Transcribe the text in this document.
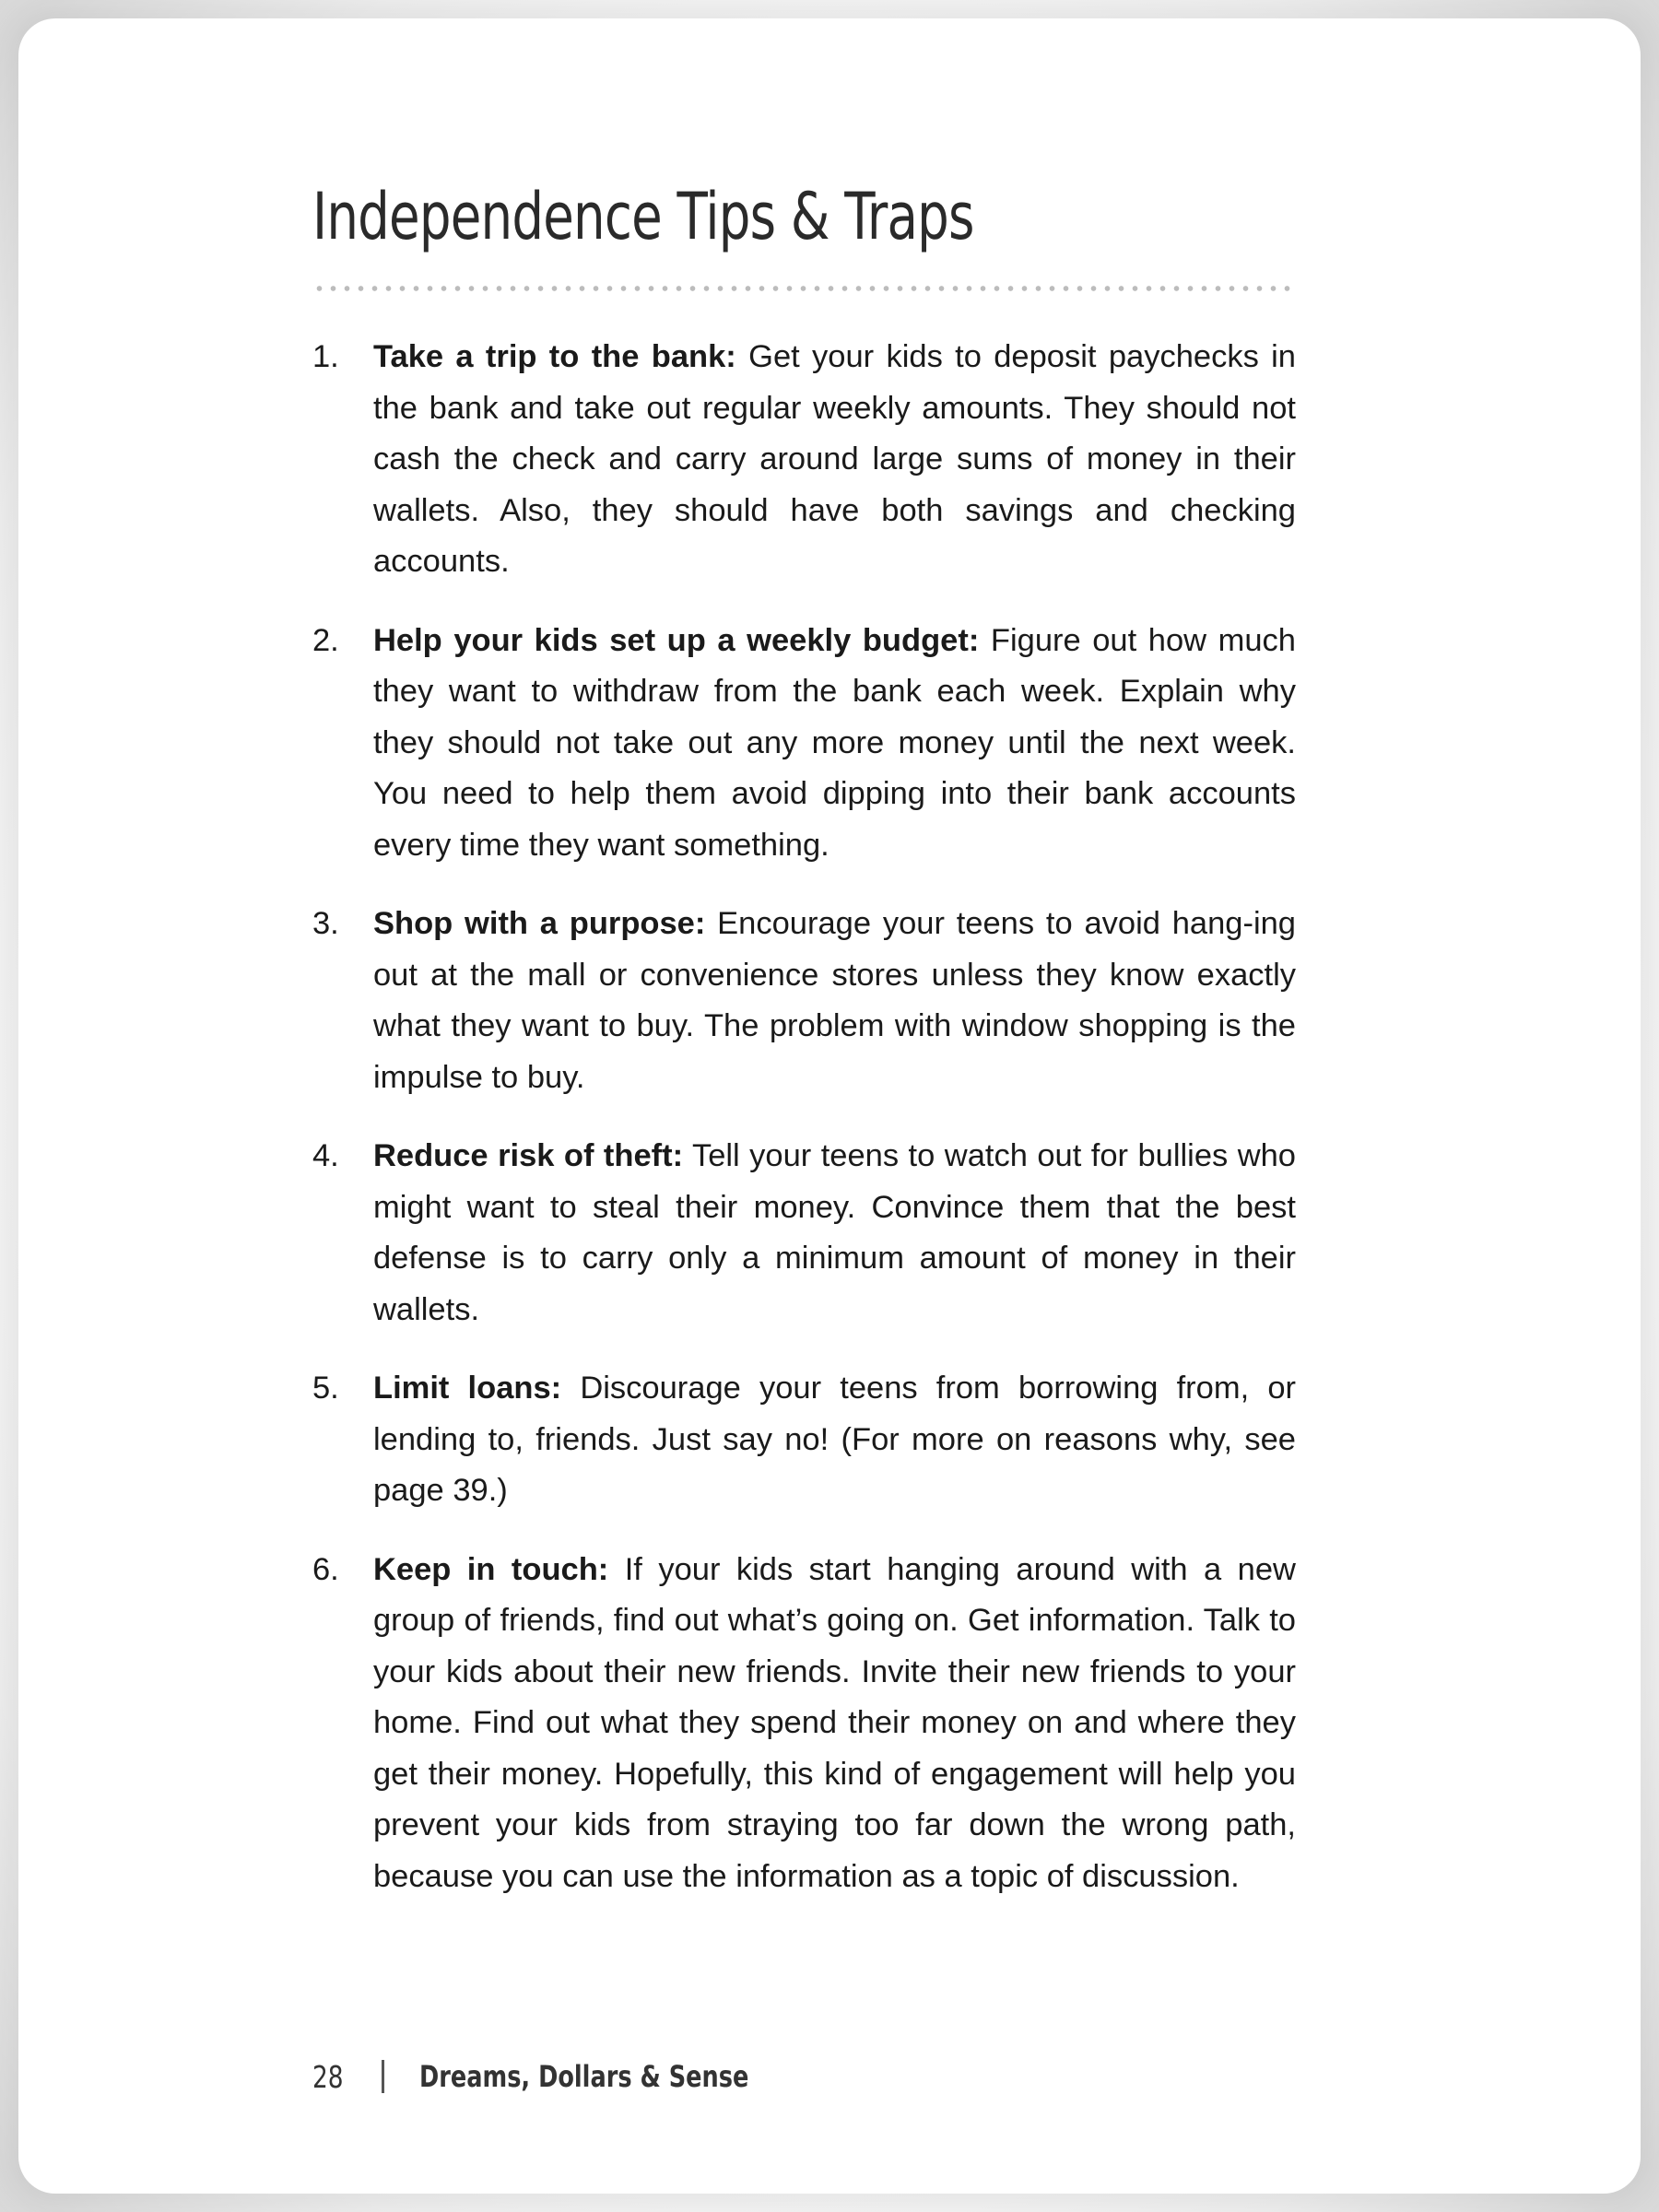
Independence Tips & Traps
1. Take a trip to the bank: Get your kids to deposit paychecks in the bank and take out regular weekly amounts. They should not cash the check and carry around large sums of money in their wallets. Also, they should have both savings and checking accounts.
2. Help your kids set up a weekly budget: Figure out how much they want to withdraw from the bank each week. Explain why they should not take out any more money until the next week. You need to help them avoid dipping into their bank accounts every time they want something.
3. Shop with a purpose: Encourage your teens to avoid hang-ing out at the mall or convenience stores unless they know exactly what they want to buy. The problem with window shopping is the impulse to buy.
4. Reduce risk of theft: Tell your teens to watch out for bullies who might want to steal their money. Convince them that the best defense is to carry only a minimum amount of money in their wallets.
5. Limit loans: Discourage your teens from borrowing from, or lending to, friends. Just say no! (For more on reasons why, see page 39.)
6. Keep in touch: If your kids start hanging around with a new group of friends, find out what’s going on. Get information. Talk to your kids about their new friends. Invite their new friends to your home. Find out what they spend their money on and where they get their money. Hopefully, this kind of engagement will help you prevent your kids from straying too far down the wrong path, because you can use the information as a topic of discussion.
28	Dreams, Dollars & Sense
